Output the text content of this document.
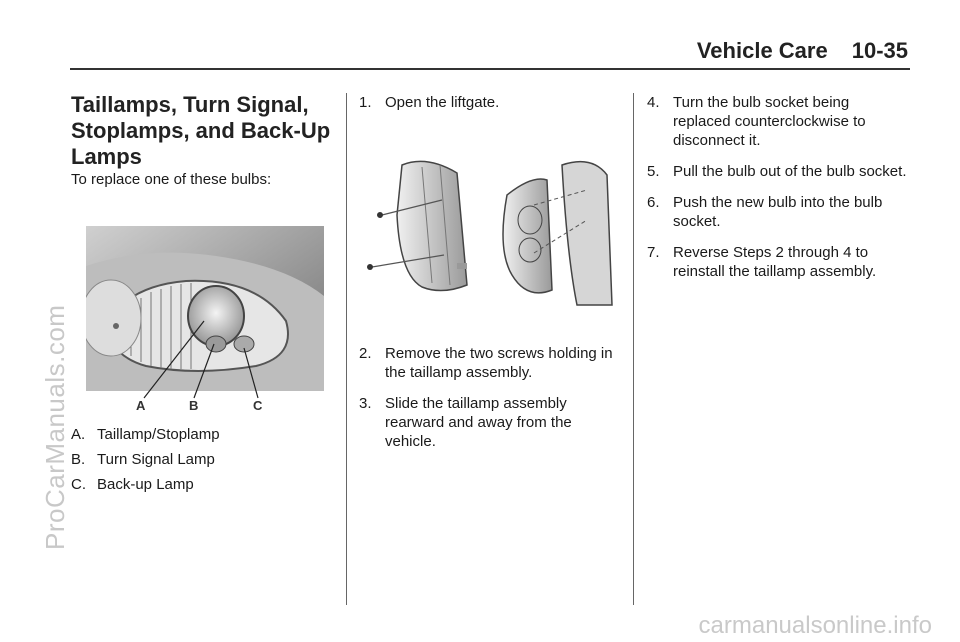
Vehicle Care 10-35
ProCarManuals.com
carmanualsonline.info
Taillamps, Turn Signal, Stoplamps, and Back-Up Lamps
To replace one of these bulbs:
A	B	C
A. Taillamp/Stoplamp
B. Turn Signal Lamp
C. Back-up Lamp
1. Open the liftgate.
2. Remove the two screws holding in the taillamp assembly.
3. Slide the taillamp assembly rearward and away from the vehicle.
4. Turn the bulb socket being replaced counterclockwise to disconnect it.
5. Pull the bulb out of the bulb socket.
6. Push the new bulb into the bulb socket.
7. Reverse Steps 2 through 4 to reinstall the taillamp assembly.
